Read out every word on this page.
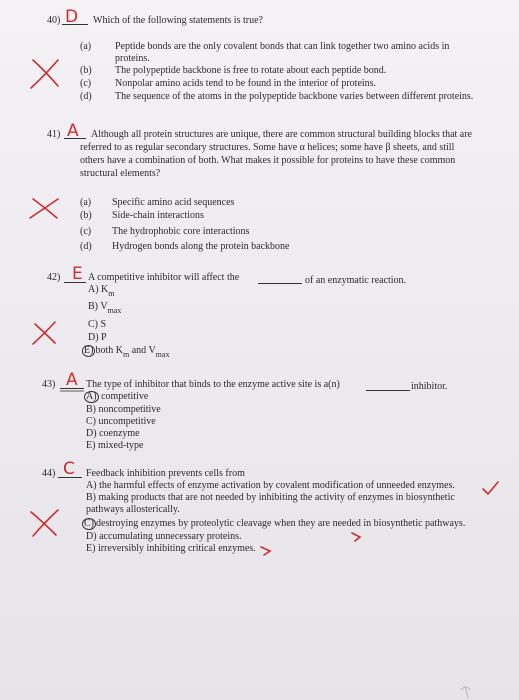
40) D Which of the following statements is true?
(a) Peptide bonds are the only covalent bonds that can link together two amino acids in
proteins.
(b) The polypeptide backbone is free to rotate about each peptide bond.
(c) Nonpolar amino acids tend to be found in the interior of proteins.
(d) The sequence of the atoms in the polypeptide backbone varies between different proteins.
41) A Although all protein structures are unique, there are common structural building blocks that are
referred to as regular secondary structures. Some have α helices; some have β sheets, and still
others have a combination of both. What makes it possible for proteins to have these common
structural elements?
(a) Specific amino acid sequences
(b) Side-chain interactions
(c) The hydrophobic core interactions
(d) Hydrogen bonds along the protein backbone
42) E A competitive inhibitor will affect the	of an enzymatic reaction.
A) $K_m$
B) $V_{max}$
C) S
D) P
E) both $K_m$ and $V_{max}$
43) A The type of inhibitor that binds to the enzyme active site is a(n)	inhibitor.
A) competitive
B) noncompetitive
C) uncompetitive
D) coenzyme
E) mixed-type
44) C Feedback inhibition prevents cells from
A) the harmful effects of enzyme activation by covalent modification of unneeded enzymes.
B) making products that are not needed by inhibiting the activity of enzymes in biosynthetic
pathways allosterically.
C) destroying enzymes by proteolytic cleavage when they are needed in biosynthetic pathways.
D) accumulating unnecessary proteins.
E) irreversibly inhibiting critical enzymes.
